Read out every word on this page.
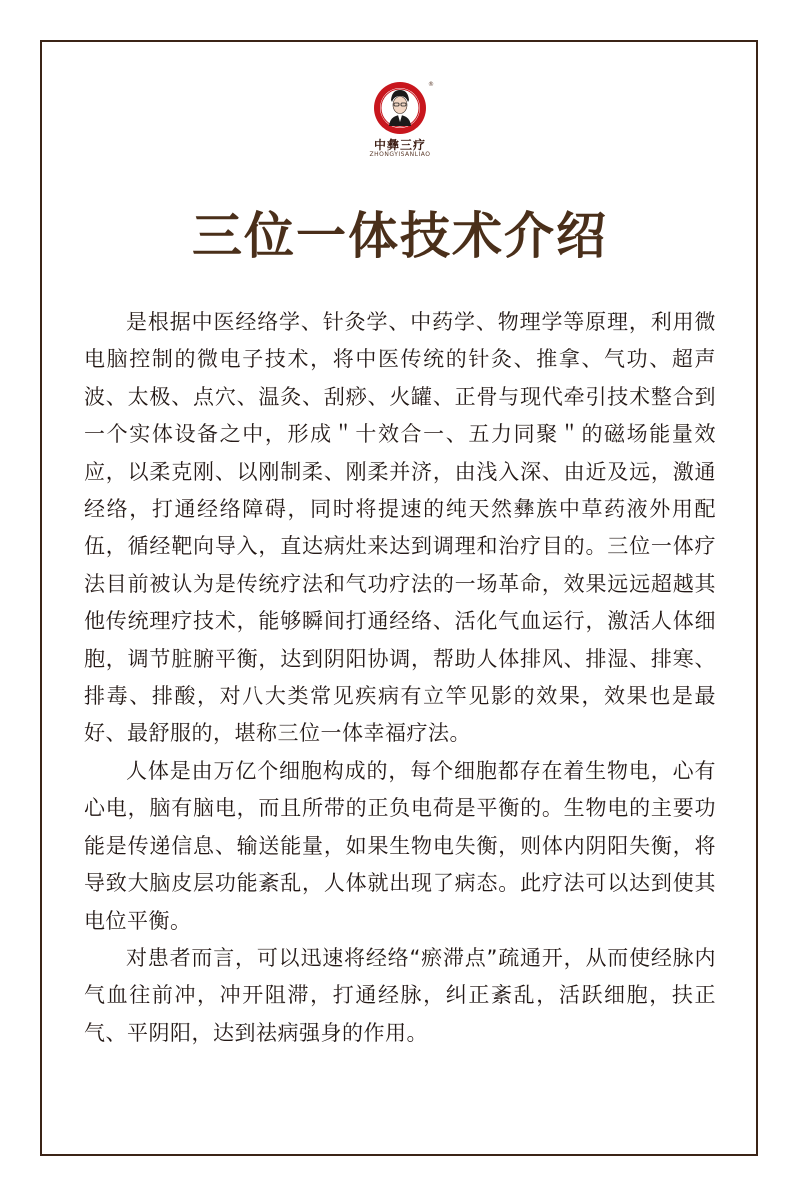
®
中彝三疗
ZHONGYISANLIAO
三位一体技术介绍

是根据中医经络学、针灸学、中药学、物理学等原理，利用微电脑控制的微电子技术，将中医传统的针灸、推拿、气功、超声波、太极、点穴、温灸、刮痧、火罐、正骨与现代牵引技术整合到一个实体设备之中，形成＂十效合一、五力同聚＂的磁场能量效应，以柔克刚、以刚制柔、刚柔并济，由浅入深、由近及远，激通经络，打通经络障碍，同时将提速的纯天然彝族中草药液外用配伍，循经靶向导入，直达病灶来达到调理和治疗目的。三位一体疗法目前被认为是传统疗法和气功疗法的一场革命，效果远远超越其他传统理疗技术，能够瞬间打通经络、活化气血运行，激活人体细胞，调节脏腑平衡，达到阴阳协调，帮助人体排风、排湿、排寒、排毒、排酸，对八大类常见疾病有立竿见影的效果，效果也是最好、最舒服的，堪称三位一体幸福疗法。

人体是由万亿个细胞构成的，每个细胞都存在着生物电，心有心电，脑有脑电，而且所带的正负电荷是平衡的。生物电的主要功能是传递信息、输送能量，如果生物电失衡，则体内阴阳失衡，将导致大脑皮层功能紊乱，人体就出现了病态。此疗法可以达到使其电位平衡。

对患者而言，可以迅速将经络“瘀滞点”疏通开，从而使经脉内气血往前冲，冲开阻滞，打通经脉，纠正紊乱，活跃细胞，扶正气、平阴阳，达到祛病强身的作用。
